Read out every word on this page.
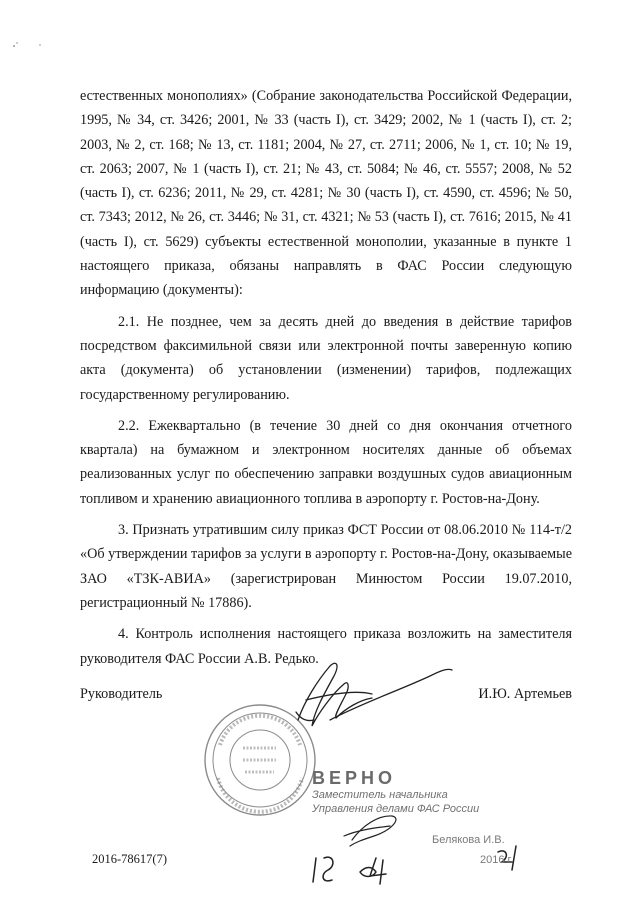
естественных монополиях» (Собрание законодательства Российской Федерации, 1995, № 34, ст. 3426; 2001, № 33 (часть I), ст. 3429; 2002, № 1 (часть I), ст. 2; 2003, № 2, ст. 168; № 13, ст. 1181; 2004, № 27, ст. 2711; 2006, № 1, ст. 10; № 19, ст. 2063; 2007, № 1 (часть I), ст. 21; № 43, ст. 5084; № 46, ст. 5557; 2008, № 52 (часть I), ст. 6236; 2011, № 29, ст. 4281; № 30 (часть I), ст. 4590, ст. 4596; № 50, ст. 7343; 2012, № 26, ст. 3446; № 31, ст. 4321; № 53 (часть I), ст. 7616; 2015, № 41 (часть I), ст. 5629) субъекты естественной монополии, указанные в пункте 1 настоящего приказа, обязаны направлять в ФАС России следующую информацию (документы):

2.1. Не позднее, чем за десять дней до введения в действие тарифов посредством факсимильной связи или электронной почты заверенную копию акта (документа) об установлении (изменении) тарифов, подлежащих государственному регулированию.

2.2. Ежеквартально (в течение 30 дней со дня окончания отчетного квартала) на бумажном и электронном носителях данные об объемах реализованных услуг по обеспечению заправки воздушных судов авиационным топливом и хранению авиационного топлива в аэропорту г. Ростов-на-Дону.

3. Признать утратившим силу приказ ФСТ России от 08.06.2010 № 114-т/2 «Об утверждении тарифов за услуги в аэропорту г. Ростов-на-Дону, оказываемые ЗАО «ТЗК-АВИА» (зарегистрирован Минюстом России 19.07.2010, регистрационный № 17886).

4. Контроль исполнения настоящего приказа возложить на заместителя руководителя ФАС России А.В. Редько.

Руководитель	И.Ю. Артемьев
ВЕРНО
Заместитель начальника
Управления делами ФАС России
Белякова И.В.
2016 г.
2016-78617(7)
